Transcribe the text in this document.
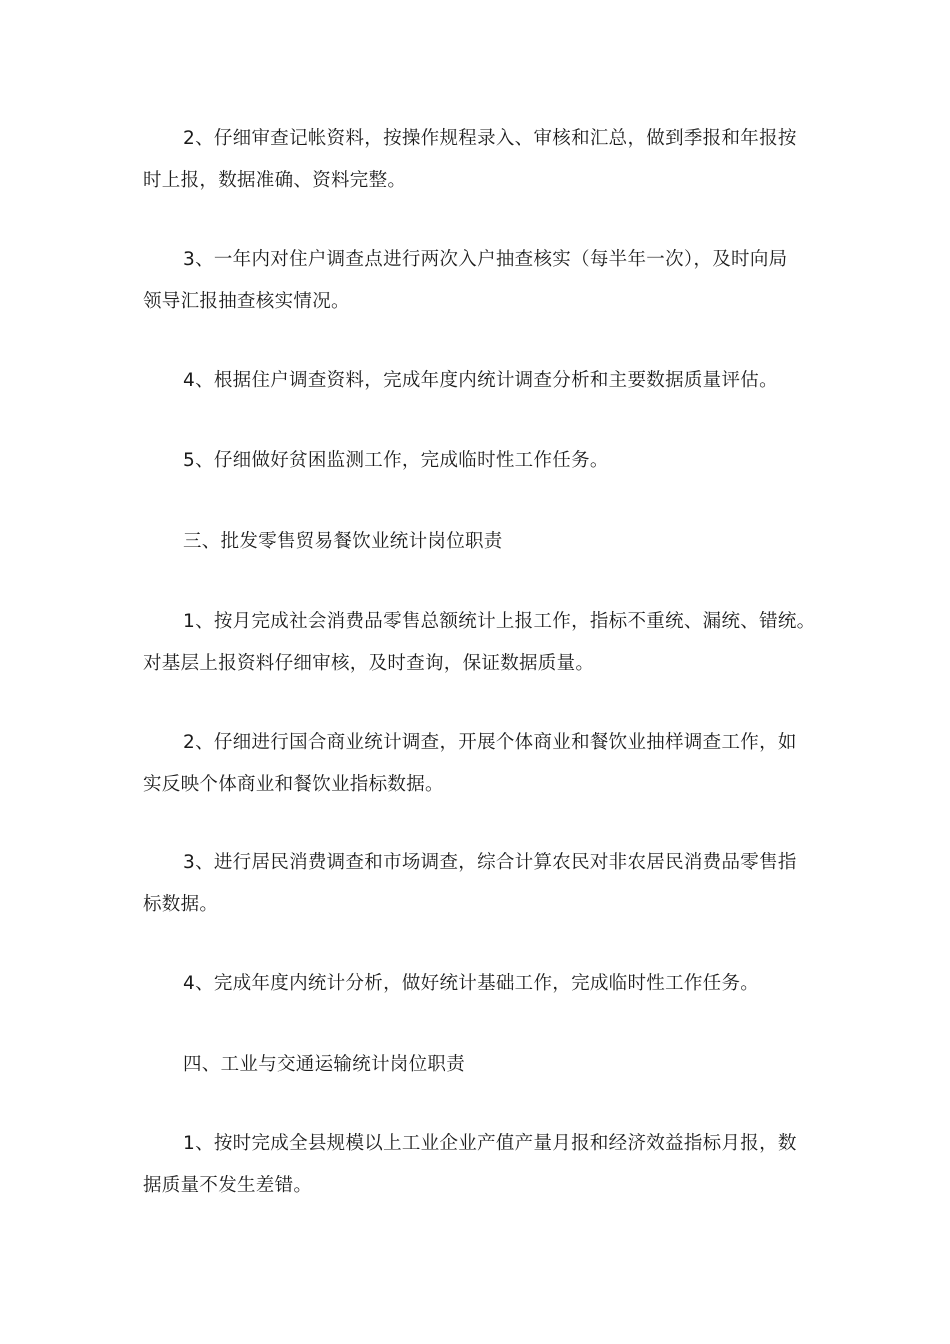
2、仔细审查记帐资料，按操作规程录入、审核和汇总，做到季报和年报按
时上报，数据准确、资料完整。
3、一年内对住户调查点进行两次入户抽查核实（每半年一次），及时向局
领导汇报抽查核实情况。
4、根据住户调查资料，完成年度内统计调查分析和主要数据质量评估。
5、仔细做好贫困监测工作，完成临时性工作任务。
三、批发零售贸易餐饮业统计岗位职责
1、按月完成社会消费品零售总额统计上报工作，指标不重统、漏统、错统。
对基层上报资料仔细审核，及时查询，保证数据质量。
2、仔细进行国合商业统计调查，开展个体商业和餐饮业抽样调查工作，如
实反映个体商业和餐饮业指标数据。
3、进行居民消费调查和市场调查，综合计算农民对非农居民消费品零售指
标数据。
4、完成年度内统计分析，做好统计基础工作，完成临时性工作任务。
四、工业与交通运输统计岗位职责
1、按时完成全县规模以上工业企业产值产量月报和经济效益指标月报，数
据质量不发生差错。
